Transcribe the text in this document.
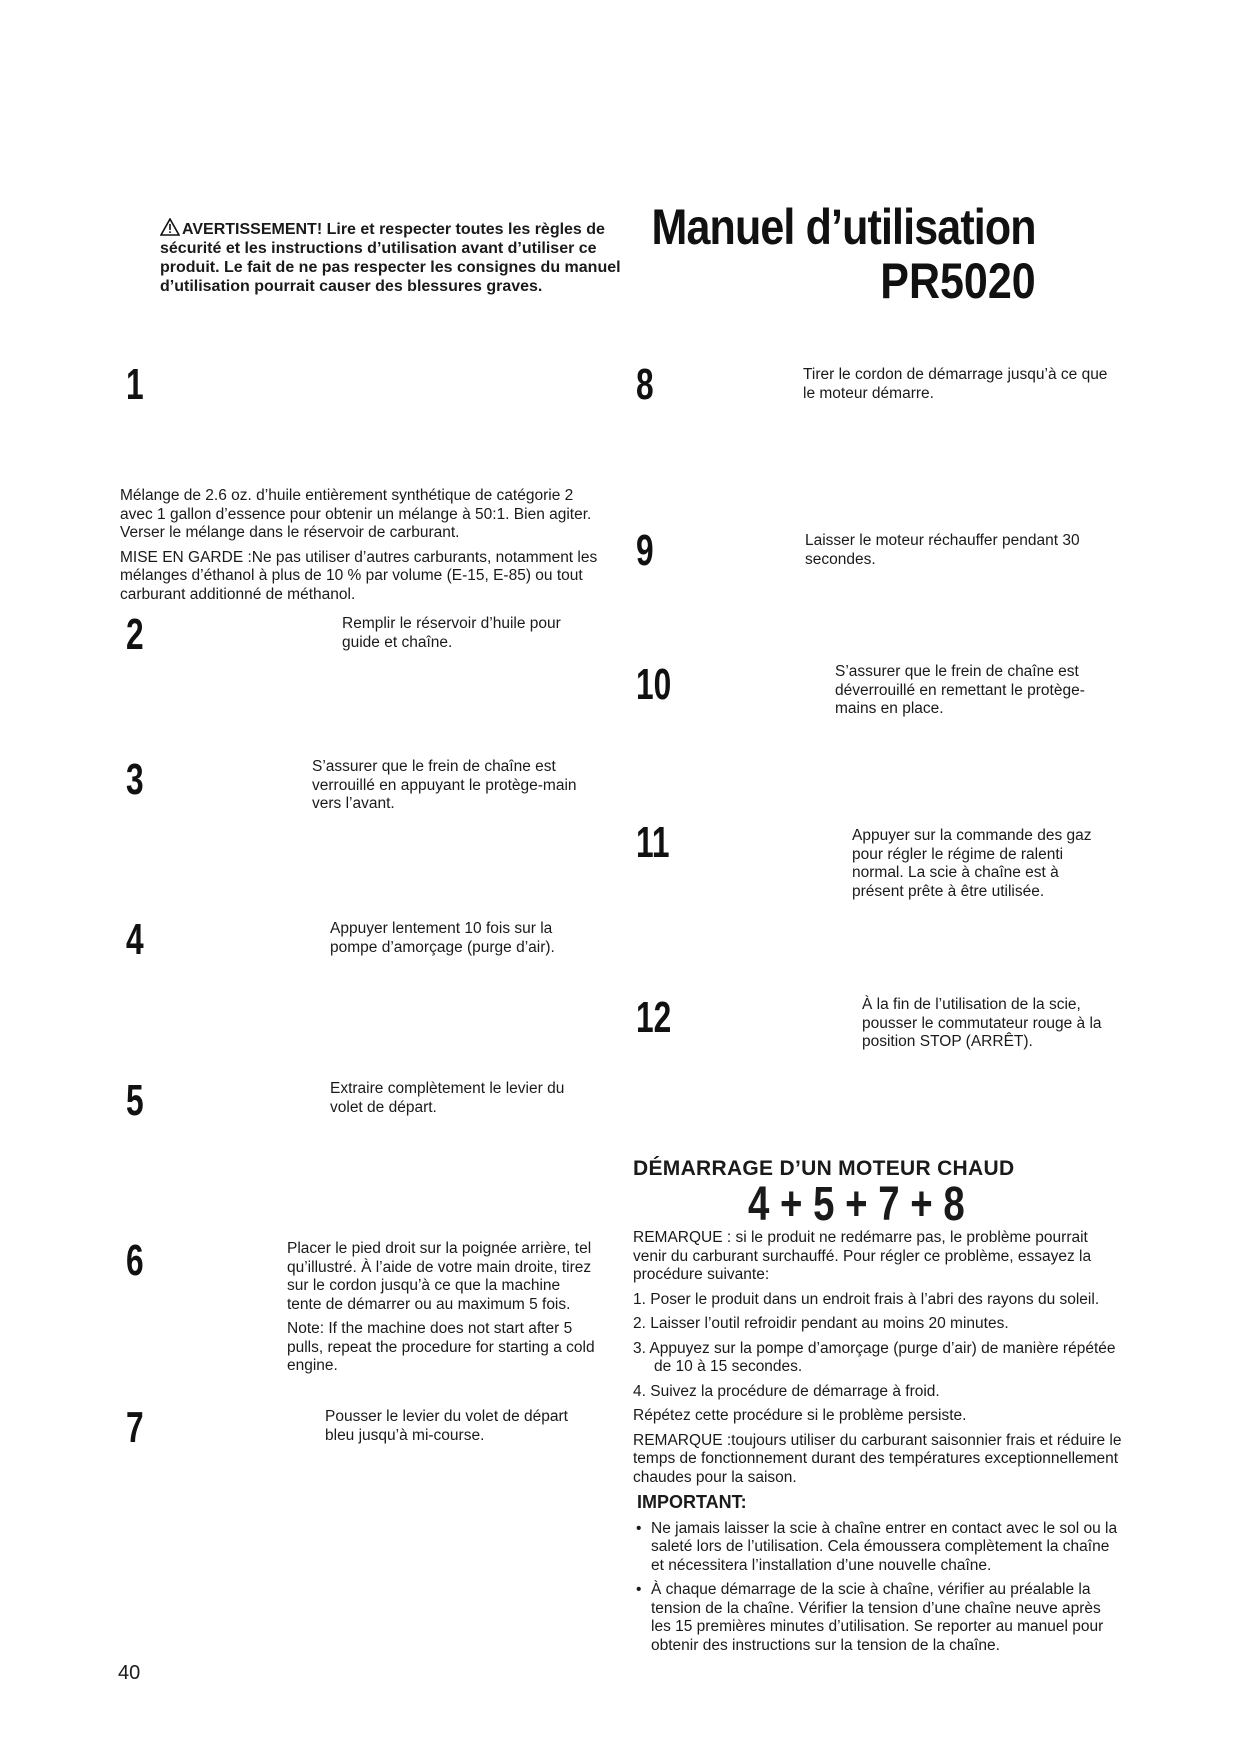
AVERTISSEMENT! Lire et respecter toutes les règles de sécurité et les instructions d’utilisation avant d’utiliser ce produit. Le fait de ne pas respecter les consignes du manuel d’utilisation pourrait causer des blessures graves.
Manuel d’utilisation
PR5020
1

Mélange de 2.6 oz. d’huile entièrement synthétique de catégorie 2 avec 1 gallon d’essence pour obtenir un mélange à 50:1. Bien agiter. Verser le mélange dans le réservoir de carburant.

MISE EN GARDE :Ne pas utiliser d’autres carburants, notamment les mélanges d’éthanol à plus de 10 % par volume (E-15, E-85) ou tout carburant additionné de méthanol.

2	Remplir le réservoir d’huile pour guide et chaîne.
3	S’assurer que le frein de chaîne est verrouillé en appuyant le protège-main vers l’avant.
4	Appuyer lentement 10 fois sur la pompe d’amorçage (purge d’air).
5	Extraire complètement le levier du volet de départ.
6	Placer le pied droit sur la poignée arrière, tel qu’illustré. À l’aide de votre main droite, tirez sur le cordon jusqu’à ce que la machine tente de démarrer ou au maximum 5 fois.

Note: If the machine does not start after 5 pulls, repeat the procedure for starting a cold engine.

7	Pousser le levier du volet de départ bleu jusqu’à mi-course.
8	Tirer le cordon de démarrage jusqu’à ce que le moteur démarre.
9	Laisser le moteur réchauffer pendant 30 secondes.
10	S’assurer que le frein de chaîne est déverrouillé en remettant le protège-mains en place.
11	Appuyer sur la commande des gaz pour régler le régime de ralenti normal. La scie à chaîne est à présent prête à être utilisée.
12	À la fin de l’utilisation de la scie, pousser le commutateur rouge à la position STOP (ARRÊT).
DÉMARRAGE D’UN MOTEUR CHAUD
4 + 5 + 7 + 8

REMARQUE : si le produit ne redémarre pas, le problème pourrait venir du carburant surchauffé. Pour régler ce problème, essayez la procédure suivante:

1. Poser le produit dans un endroit frais à l’abri des rayons du soleil.
2. Laisser l’outil refroidir pendant au moins 20 minutes.
3. Appuyez sur la pompe d’amorçage (purge d’air) de manière répétée de 10 à 15 secondes.
4. Suivez la procédure de démarrage à froid.

Répétez cette procédure si le problème persiste.

REMARQUE :toujours utiliser du carburant saisonnier frais et réduire le temps de fonctionnement durant des températures exceptionnellement chaudes pour la saison.

IMPORTANT:
• Ne jamais laisser la scie à chaîne entrer en contact avec le sol ou la saleté lors de l’utilisation. Cela émoussera complètement la chaîne et nécessitera l’installation d’une nouvelle chaîne.
• À chaque démarrage de la scie à chaîne, vérifier au préalable la tension de la chaîne. Vérifier la tension d’une chaîne neuve après les 15 premières minutes d’utilisation. Se reporter au manuel pour obtenir des instructions sur la tension de la chaîne.
40
